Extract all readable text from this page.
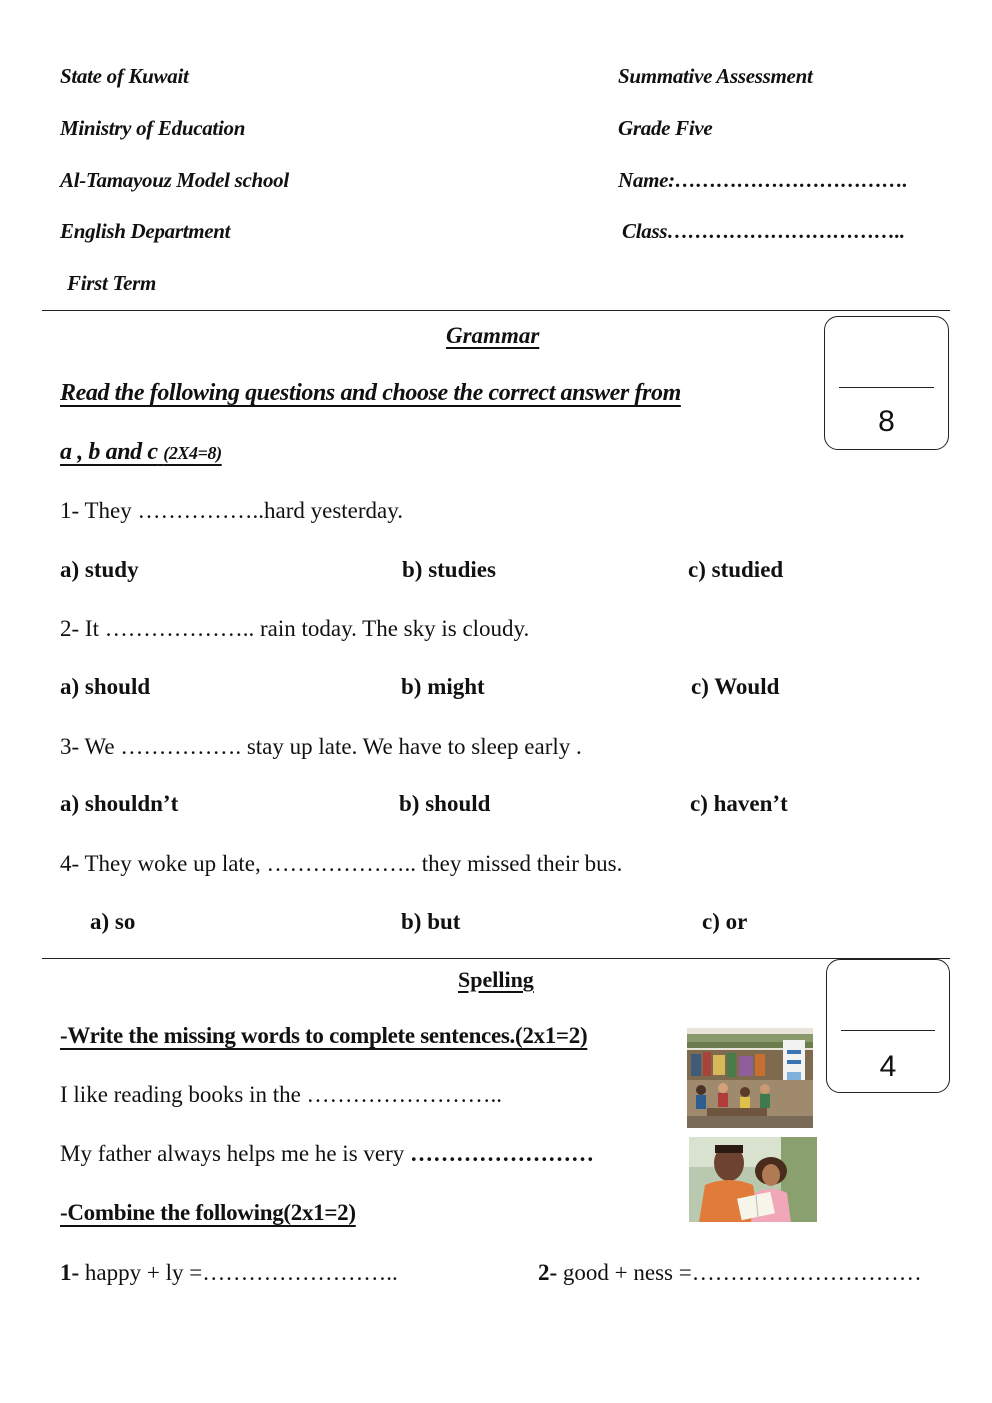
State of Kuwait
Ministry of Education
Al-Tamayouz Model school
English Department
First Term
Summative Assessment
Grade Five
Name:…………………………….
Class……………………………..
Grammar
8
Read the following questions and choose the correct answer from
a , b and c (2X4=8)
1- They ……………..hard yesterday.
a) study	b) studies	c) studied
2- It ……………….. rain today. The sky is cloudy.
a) should	b) might	c) Would
3- We ……………. stay up late. We have to sleep early .
a) shouldn’t	b) should	c) haven’t
4- They woke up late, ……………….. they missed their bus.
a) so	b) but	c) or
Spelling
4
-Write the missing words to complete sentences.(2x1=2)
I like reading books in the ……………………..
My father always helps me he is very ……………………
-Combine the following(2x1=2)
1- happy + ly =……………………..	2- good + ness =…………………………
